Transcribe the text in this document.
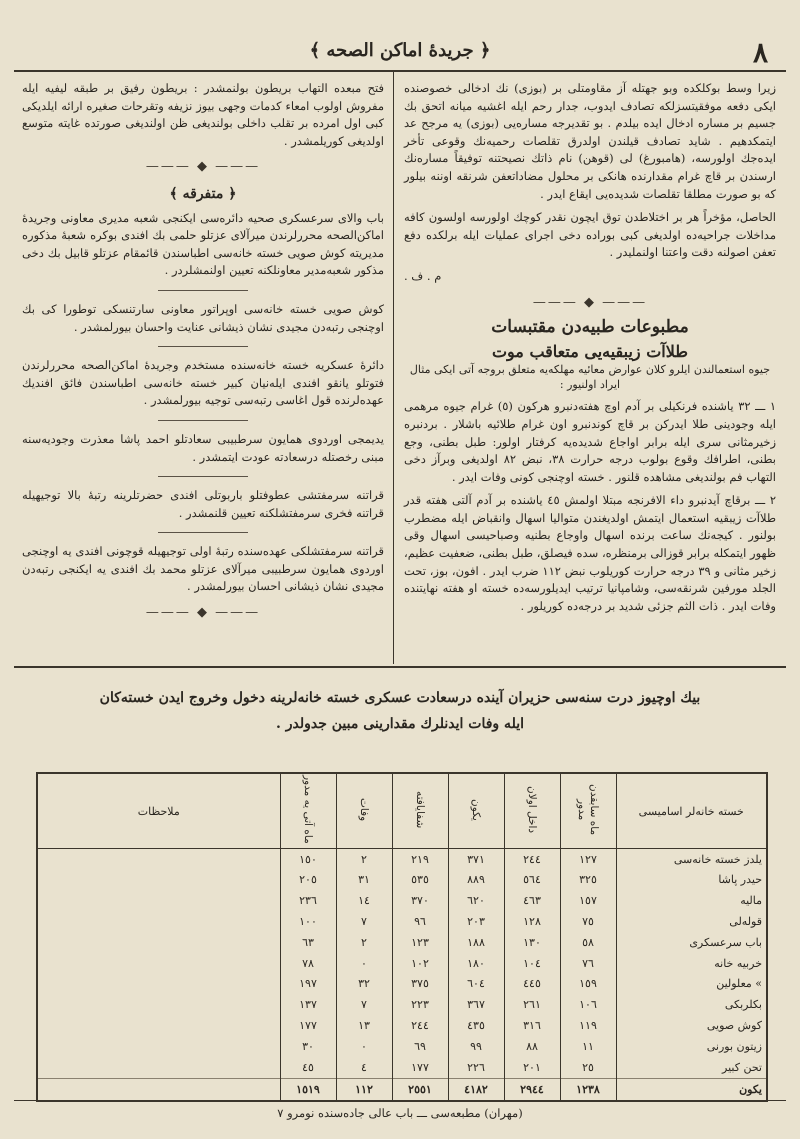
٨
﴿ جريدهٔ اماكن الصحه ﴾

زيرا وسط بوكلكده وبو جهتله آز مقاومتلى بر (بوزى) نك ادخالى خصوصنده ايكى دفعه موفقيتسزلكه تصادف ايدوب، جدار رحم ايله اغشيه ميانه اتحق بك جسيم بر مساره ادخال ايده بيلدم . بو تقديرجه مساره‌يى (بوزى) يه مرجح عد ايتمكدهيم . شايد تصادف قيلندن اولدرق تقلصات رحميه‌نك وقوعى تأخر ايدەجك اولورسه، (هامبورغ) لى (قوهن) نام ذاتك نصيحتنه توفيقاً مساره‌نك ارسندن بر قاچ غرام مقدارنده هانكى بر محلول مضاداتعفن شرنقه اوننه بيلور كه بو صورت مطلقا تقلصات شديده‌يى ايقاع ايدر .

الحاصل، مؤخراً هر بر اختلاطدن توق ايچون نقدر كوچك اولورسه اولسون كافه مداخلات جراحيه‌ده اولديغى كبى بوراده دخى اجراى عمليات ايله برلكده دفع تعفن اصولنه دقت واعتنا اولنمليدر .

م . ف .
——— ◆ ———
مطبوعات طبيه‌دن مقتبسات
طلاآت زيبقيه‌يى متعاقب موت
جيوه استعمالندن ايلرو كلان عوارض معائيه مهلكه‌يه متعلق بروجه آتى ايكى مثال ايراد اولنيور :

١ ـــ ٣٢ ياشنده فرنكيلى بر آدم اوچ هفته‌دنبرو هركون (٥) غرام جيوه مرهمى ايله وجودينى طلا ايدركن بر قاچ كوندنبرو اون غرام طلائيه باشلار . بردنبره زخيرمثانى سرى ايله برابر اواجاع شديده‌يه كرفتار اولور: طبل بطنى، وجع بطنى، اطرافك وقوع بولوب درجه حرارت ٣٨، نبض ٨٢ اولديغى وبرآز دخى التهاب فم بولنديغى مشاهده قلنور . خسته اوچنجى كونى وفات ايدر .

٢ ـــ برقاچ آيدنبرو داء الافرنجه مبتلا اولمش ٤٥ ياشنده بر آدم آلتى هفته قدر طلاآت زيبقيه استعمال ايتمش اولديغندن متواليا اسهال وانقباض ايله مضطرب بولنور . كيجه‌نك ساعت برنده اسهال واوجاع بطنيه وصباحيسى اسهال وقى ظهور ايتمكله برابر قوزالى برمنظره، سده فيصلق، طبل بطنى، ضعفيت عظيم، زخير مثانى و ٣٩ درجه حرارت كوريلوب نبض ١١٢ ضرب ايدر . افون، بوز، تحت الجلد مورفين شرنقه‌سى، وشامپانيا ترتيب ايديلورسه‌ده خسته او هفته نهايتنده وفات ايدر . ذات الثم جزئى شديد بر درجه‌ده كوريلور .

فتح مبعده التهاب بريطون بولنمشدر : بريطون رفيق بر طبقه ليفيه ايله مفروش اولوب امعاء كدمات وجهى بيوز نزيفه وتقرحات صغيره ارائه ايلديكى كبى اول امرده بر تقلب داخلى بولنديغى ظن اولنديغى صورتده غايته متوسع اولديغى كوريلمشدر .

——— ◆ ———
﴿ متفرقه ﴾

باب والاى سرعسكرى صحيه دائره‌سى ايكنجى شعبه مديرى معاونى وجريدهٔ اماكن‌الصحه محررلرندن ميرآلاى عزتلو حلمى بك افندى بوكره شعبهٔ مذكوره مديريته كوش صويى خسته خانه‌سى اطباسندن قائمقام عزتلو قابيل بك دخى مذكور شعبه‌مدير معاونلكنه تعيين اولنمشلردر .

كوش صويى خسته خانه‌سى اوپراتور معاونى سارتنسكى توطورا كى بك اوچنجى رتبه‌دن مجيدى نشان ذيشانى عنايت واحسان بيورلمشدر .

دائرهٔ عسكريه خسته خانه‌سنده مستخدم وجريدهٔ اماكن‌الصحه محررلرندن فتوتلو يانقو افندى ايله‌نيان كبير خسته خانه‌سى اطباسندن فائق افنديك عهده‌لرنده قول اغاسى رتبه‌سى توجيه بيورلمشدر .

يديمجى اوردوى همايون سرطبيبى سعادتلو احمد پاشا معذرت وجوديه‌سنه مبنى رخصتله درسعادته عودت ايتمشدر .

قراتنه سرمفتشى عطوفتلو باربوتلى افندى حضرتلرينه رتبهٔ بالا توجيهيله قراتنه فخرى سرمفتشلكنه تعيين قلنمشدر .

قراتنه سرمفتشلكى عهده‌سنده رتبهٔ اولى توجيهيله قوچونى افندى يه اوچنجى اوردوى همايون سرطبيبى ميرآلاى عزتلو محمد بك افندى يه ايكنجى رتبه‌دن مجيدى نشان ذيشانى احسان بيورلمشدر .

——— ◆ ———
بيك اوچيوز درت سنه‌سى حزيران آينده درسعادت عسكرى خسته خانه‌لرينه دخول وخروج ايدن خسته‌كان
ايله وفات ايدنلرك مقدارينى مبين جدولدر .
خسته خانه‌لر اسامیسى	ماه سابقدن مدور	داخل اولان	يكون	شفايافته	وفات	ماه آتى يه مدور	ملاحظات
يلدز خسته خانه‌سى	١٢٧	٢٤٤	٣٧١	٢١٩	٢	١٥٠	
حيدر پاشا	٣٢٥	٥٦٤	٨٨٩	٥٣٥	٣١	٢٠٥	
ماليه	١٥٧	٤٦٣	٦٢٠	٣٧٠	١٤	٢٣٦	
قولەلى	٧٥	١٢٨	٢٠٣	٩٦	٧	١٠٠	
باب سرعسكرى	٥٨	١٣٠	١٨٨	١٢٣	٢	٦٣	
خربيه خانه	٧٦	١٠٤	١٨٠	١٠٢	٠	٧٨	
» معلولين	١٥٩	٤٤٥	٦٠٤	٣٧٥	٣٢	١٩٧	
بكلربكى	١٠٦	٢٦١	٣٦٧	٢٢٣	٧	١٣٧	
كوش صويى	١١٩	٣١٦	٤٣٥	٢٤٤	١٣	١٧٧	
زيتون بورنى	١١	٨٨	٩٩	٦٩	٠	٣٠	
تحن كبير	٢٥	٢٠١	٢٢٦	١٧٧	٤	٤٥	
يكون	١٢٣٨	٢٩٤٤	٤١٨٢	٢٥٥١	١١٢	١٥١٩	
(مهران) مطبعه‌سى ـــ باب عالى جاده‌سنده نومرو ٧
